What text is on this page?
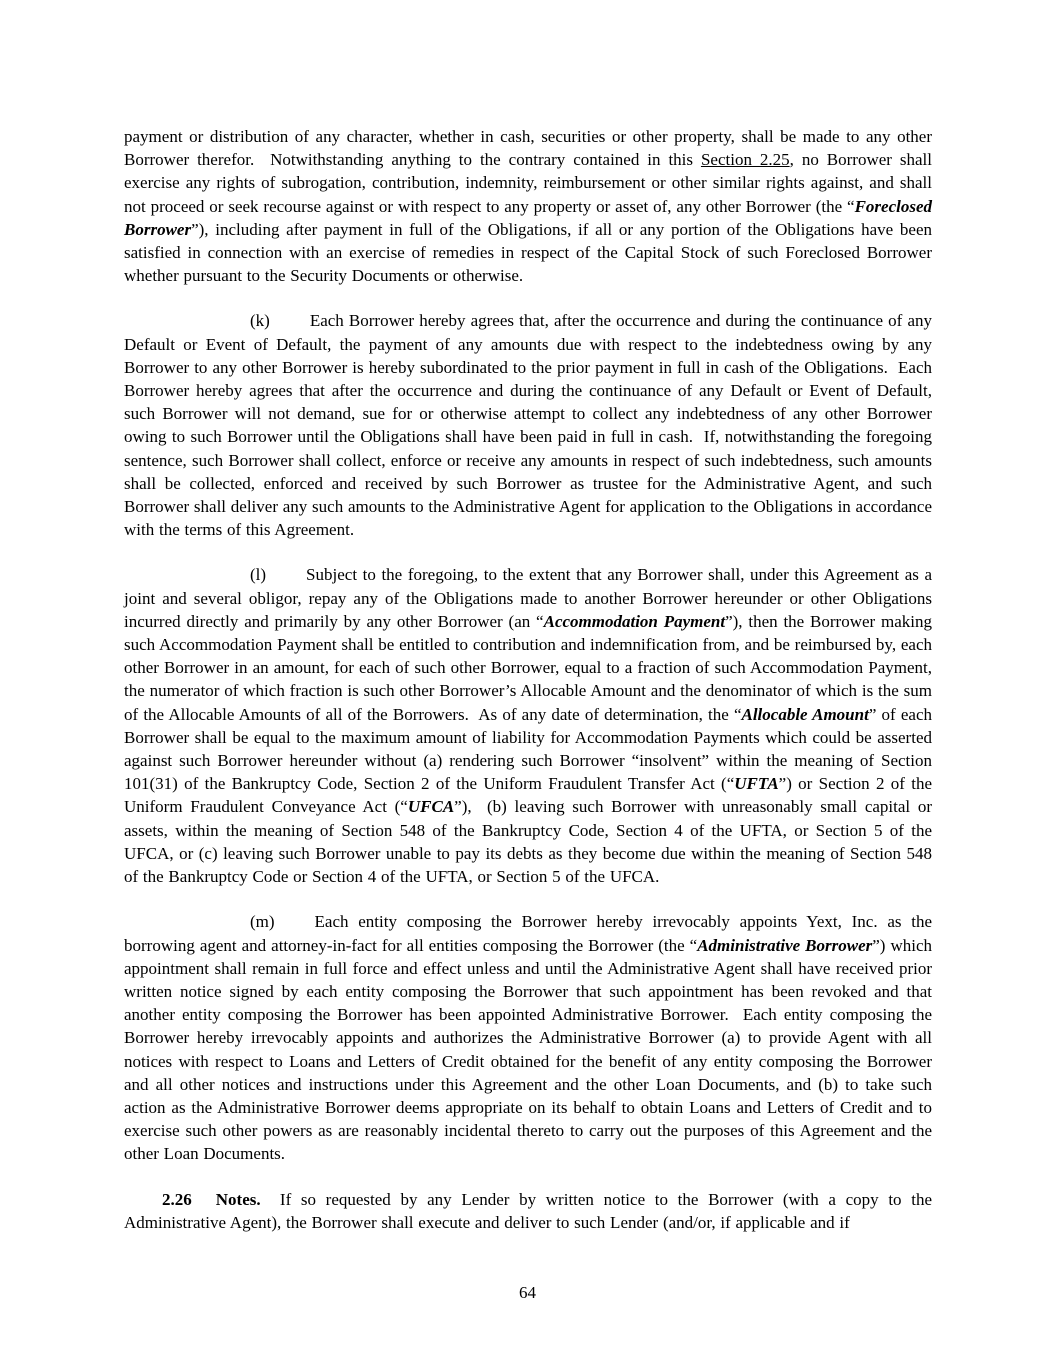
payment or distribution of any character, whether in cash, securities or other property, shall be made to any other Borrower therefor.  Notwithstanding anything to the contrary contained in this Section 2.25, no Borrower shall exercise any rights of subrogation, contribution, indemnity, reimbursement or other similar rights against, and shall not proceed or seek recourse against or with respect to any property or asset of, any other Borrower (the “Foreclosed Borrower”), including after payment in full of the Obligations, if all or any portion of the Obligations have been satisfied in connection with an exercise of remedies in respect of the Capital Stock of such Foreclosed Borrower whether pursuant to the Security Documents or otherwise.

(k) Each Borrower hereby agrees that, after the occurrence and during the continuance of any Default or Event of Default, the payment of any amounts due with respect to the indebtedness owing by any Borrower to any other Borrower is hereby subordinated to the prior payment in full in cash of the Obligations.  Each Borrower hereby agrees that after the occurrence and during the continuance of any Default or Event of Default, such Borrower will not demand, sue for or otherwise attempt to collect any indebtedness of any other Borrower owing to such Borrower until the Obligations shall have been paid in full in cash.  If, notwithstanding the foregoing sentence, such Borrower shall collect, enforce or receive any amounts in respect of such indebtedness, such amounts shall be collected, enforced and received by such Borrower as trustee for the Administrative Agent, and such Borrower shall deliver any such amounts to the Administrative Agent for application to the Obligations in accordance with the terms of this Agreement.

(l) Subject to the foregoing, to the extent that any Borrower shall, under this Agreement as a joint and several obligor, repay any of the Obligations made to another Borrower hereunder or other Obligations incurred directly and primarily by any other Borrower (an “Accommodation Payment”), then the Borrower making such Accommodation Payment shall be entitled to contribution and indemnification from, and be reimbursed by, each other Borrower in an amount, for each of such other Borrower, equal to a fraction of such Accommodation Payment, the numerator of which fraction is such other Borrower’s Allocable Amount and the denominator of which is the sum of the Allocable Amounts of all of the Borrowers.  As of any date of determination, the “Allocable Amount” of each Borrower shall be equal to the maximum amount of liability for Accommodation Payments which could be asserted against such Borrower hereunder without (a) rendering such Borrower “insolvent” within the meaning of Section 101(31) of the Bankruptcy Code, Section 2 of the Uniform Fraudulent Transfer Act (“UFTA”) or Section 2 of the Uniform Fraudulent Conveyance Act (“UFCA”),  (b) leaving such Borrower with unreasonably small capital or assets, within the meaning of Section 548 of the Bankruptcy Code, Section 4 of the UFTA, or Section 5 of the UFCA, or (c) leaving such Borrower unable to pay its debts as they become due within the meaning of Section 548 of the Bankruptcy Code or Section 4 of the UFTA, or Section 5 of the UFCA.

(m) Each entity composing the Borrower hereby irrevocably appoints Yext, Inc. as the borrowing agent and attorney-in-fact for all entities composing the Borrower (the “Administrative Borrower”) which appointment shall remain in full force and effect unless and until the Administrative Agent shall have received prior written notice signed by each entity composing the Borrower that such appointment has been revoked and that another entity composing the Borrower has been appointed Administrative Borrower.  Each entity composing the Borrower hereby irrevocably appoints and authorizes the Administrative Borrower (a) to provide Agent with all notices with respect to Loans and Letters of Credit obtained for the benefit of any entity composing the Borrower and all other notices and instructions under this Agreement and the other Loan Documents, and (b) to take such action as the Administrative Borrower deems appropriate on its behalf to obtain Loans and Letters of Credit and to exercise such other powers as are reasonably incidental thereto to carry out the purposes of this Agreement and the other Loan Documents.

2.26 Notes.  If so requested by any Lender by written notice to the Borrower (with a copy to the Administrative Agent), the Borrower shall execute and deliver to such Lender (and/or, if applicable and if

64
